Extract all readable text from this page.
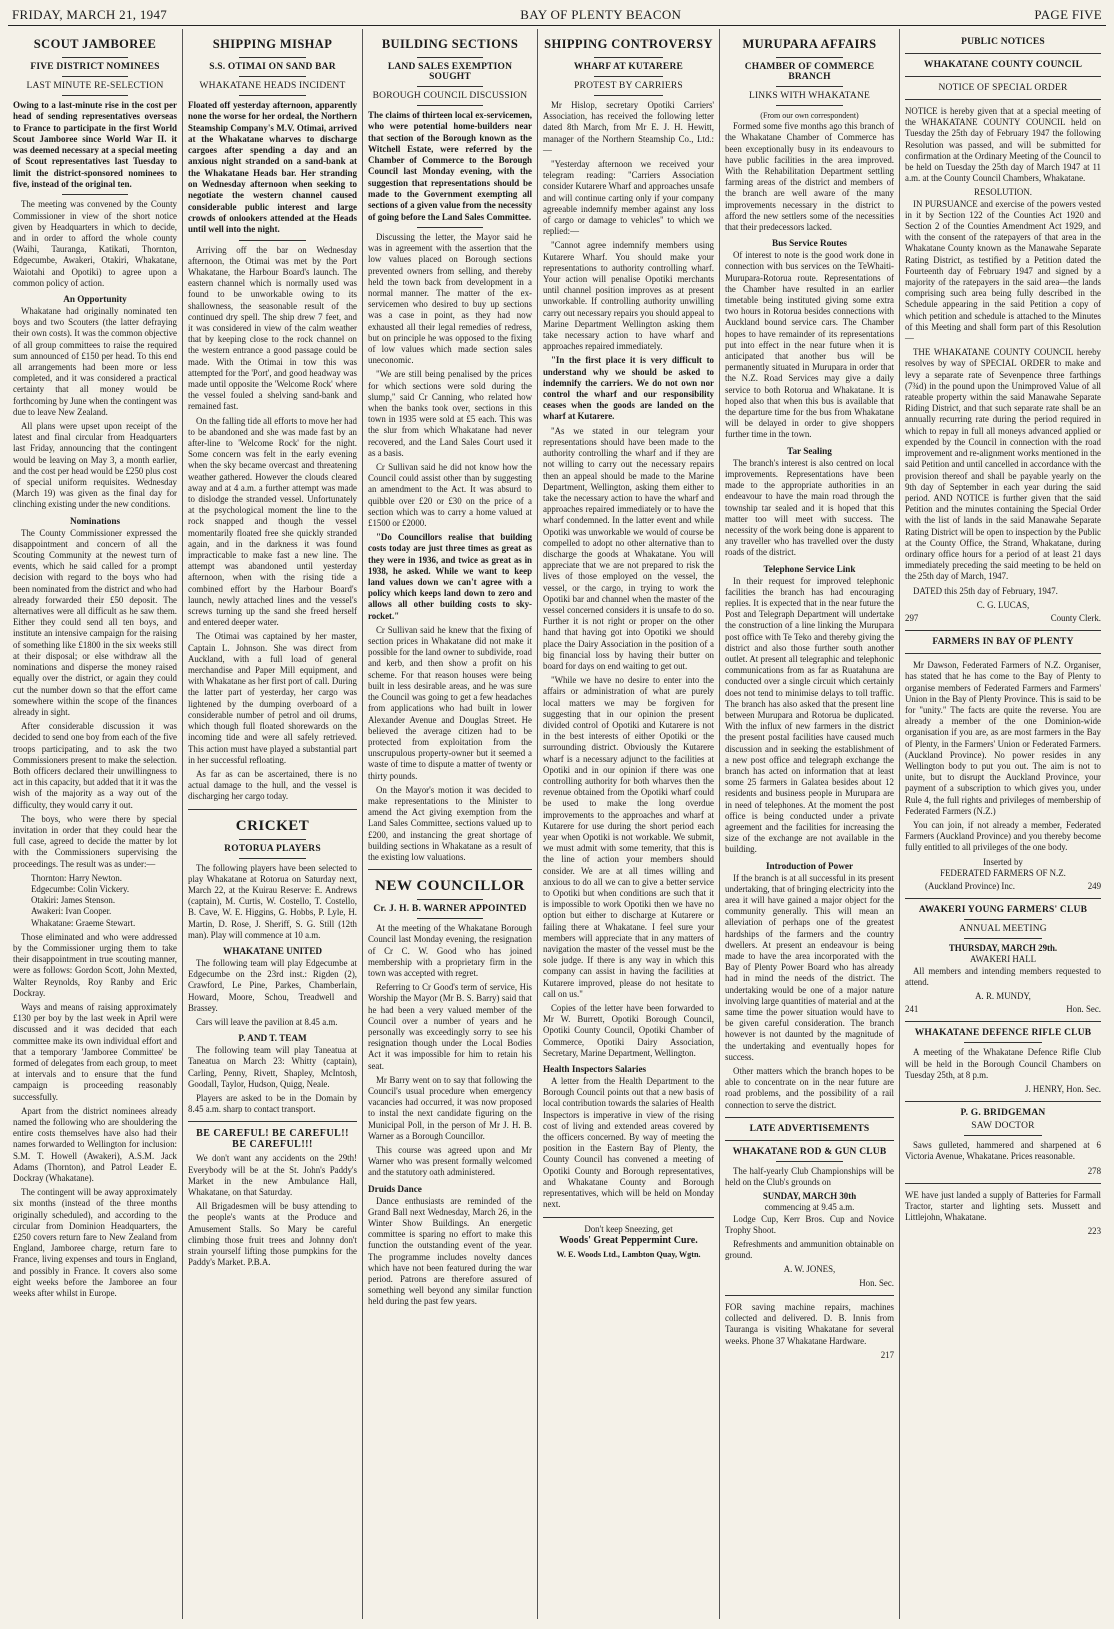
FRIDAY, MARCH 21, 1947	BAY OF PLENTY BEACON	PAGE FIVE
SCOUT JAMBOREE
FIVE DISTRICT NOMINEES
LAST MINUTE RE-SELECTION

Owing to a last-minute rise in the cost per head of sending representatives overseas to France to participate in the first World Scout Jamboree since World War II. it was deemed necessary at a special meeting of Scout representatives last Tuesday to limit the district-sponsored nominees to five, instead of the original ten.

The meeting was convened by the County Commissioner in view of the short notice given by Headquarters in which to decide, and in order to afford the whole county (Waihi, Tauranga, Katikati, Thornton, Edgecumbe, Awakeri, Otakiri, Whakatane, Waiotahi and Opotiki) to agree upon a common policy of action.

An Opportunity

Whakatane had originally nominated ten boys and two Scouters (the latter defraying their own costs). It was the common objective of all group committees to raise the required sum announced of £150 per head. To this end all arrangements had been more or less completed, and it was considered a practical certainty that all money would be forthcoming by June when the contingent was due to leave New Zealand.

All plans were upset upon receipt of the latest and final circular from Headquarters last Friday, announcing that the contingent would be leaving on May 3, a month earlier, and the cost per head would be £250 plus cost of special uniform requisites. Wednesday (March 19) was given as the final day for clinching existing under the new conditions.

Nominations

The County Commissioner expressed the disappointment and concern of all the Scouting Community at the newest turn of events, which he said called for a prompt decision with regard to the boys who had been nominated from the district and who had already forwarded their £50 deposit. The alternatives were all difficult as he saw them. Either they could send all ten boys, and institute an intensive campaign for the raising of something like £1800 in the six weeks still at their disposal; or else withdraw all the nominations and disperse the money raised equally over the district, or again they could cut the number down so that the effort came somewhere within the scope of the finances already in sight.

After considerable discussion it was decided to send one boy from each of the five troops participating, and to ask the two Commissioners present to make the selection. Both officers declared their unwillingness to act in this capacity, but added that it it was the wish of the majority as a way out of the difficulty, they would carry it out.

The boys, who were there by special invitation in order that they could hear the full case, agreed to decide the matter by lot with the Commissioners supervising the proceedings. The result was as under:—

Thornton: Harry Newton.

Edgecumbe: Colin Vickery.

Otakiri: James Stenson.

Awakeri: Ivan Cooper.

Whakatane: Graeme Stewart.

Those eliminated and who were addressed by the Commissioner urging them to take their disappointment in true scouting manner, were as follows: Gordon Scott, John Mexted, Walter Reynolds, Roy Ranby and Eric Dockray.

Ways and means of raising approximately £130 per boy by the last week in April were discussed and it was decided that each committee make its own individual effort and that a temporary 'Jamboree Committee' be formed of delegates from each group, to meet at intervals and to ensure that the fund campaign is proceeding reasonably successfully.

Apart from the district nominees already named the following who are shouldering the entire costs themselves have also had their names forwarded to Wellington for inclusion: S.M. T. Howell (Awakeri), A.S.M. Jack Adams (Thornton), and Patrol Leader E. Dockray (Whakatane).

The contingent will be away approximately six months (instead of the three months originally scheduled), and according to the circular from Dominion Headquarters, the £250 covers return fare to New Zealand from England, Jamboree charge, return fare to France, living expenses and tours in England, and possibly in France. It covers also some eight weeks before the Jamboree an four weeks after whilst in Europe.

SHIPPING MISHAP
S.S. OTIMAI ON SAND BAR
WHAKATANE HEADS INCIDENT

Floated off yesterday afternoon, apparently none the worse for her ordeal, the Northern Steamship Company's M.V. Otimai, arrived at the Whakatane wharves to discharge cargoes after spending a day and an anxious night stranded on a sand-bank at the Whakatane Heads bar. Her stranding on Wednesday afternoon when seeking to negotiate the western channel caused considerable public interest and large crowds of onlookers attended at the Heads until well into the night.

Arriving off the bar on Wednesday afternoon, the Otimai was met by the Port Whakatane, the Harbour Board's launch. The eastern channel which is normally used was found to be unworkable owing to its shallowness, the seasonable result of the continued dry spell. The ship drew 7 feet, and it was considered in view of the calm weather that by keeping close to the rock channel on the western entrance a good passage could be made. With the Otimai in tow this was attempted for the 'Port', and good headway was made until opposite the 'Welcome Rock' where the vessel fouled a shelving sand-bank and remained fast.

On the falling tide all efforts to move her had to be abandoned and she was made fast by an after-line to 'Welcome Rock' for the night. Some concern was felt in the early evening when the sky became overcast and threatening weather gathered. However the clouds cleared away and at 4 a.m. a further attempt was made to dislodge the stranded vessel. Unfortunately at the psychological moment the line to the rock snapped and though the vessel momentarily floated free she quickly stranded again, and in the darkness it was found impracticable to make fast a new line. The attempt was abandoned until yesterday afternoon, when with the rising tide a combined effort by the Harbour Board's launch, newly attached lines and the vessel's screws turning up the sand she freed herself and entered deeper water.

The Otimai was captained by her master, Captain L. Johnson. She was direct from Auckland, with a full load of general merchandise and Paper Mill equipment, and with Whakatane as her first port of call. During the latter part of yesterday, her cargo was lightened by the dumping overboard of a considerable number of petrol and oil drums, which though full floated shorewards on the incoming tide and were all safely retrieved. This action must have played a substantial part in her successful refloating.

As far as can be ascertained, there is no actual damage to the hull, and the vessel is discharging her cargo today.

CRICKET
ROTORUA PLAYERS

The following players have been selected to play Whakatane at Rotorua on Saturday next, March 22, at the Kuirau Reserve: E. Andrews (captain), M. Curtis, W. Costello, T. Costello, B. Cave, W. E. Higgins, G. Hobbs, P. Lyle, H. Martin, D. Rose, J. Sheriff, S. G. Still (12th man). Play will commence at 10 a.m.

WHAKATANE UNITED

The following team will play Edgecumbe at Edgecumbe on the 23rd inst.: Rigden (2), Crawford, Le Pine, Parkes, Chamberlain, Howard, Moore, Schou, Treadwell and Brassey.

Cars will leave the pavilion at 8.45 a.m.

P. AND T. TEAM

The following team will play Taneatua at Taneatua on March 23: Whitty (captain), Carling, Penny, Rivett, Shapley, McIntosh, Goodall, Taylor, Hudson, Quigg, Neale.

Players are asked to be in the Domain by 8.45 a.m. sharp to contact transport.

BE CAREFUL! BE CAREFUL!! BE CAREFUL!!!

We don't want any accidents on the 29th! Everybody will be at the St. John's Paddy's Market in the new Ambulance Hall, Whakatane, on that Saturday.

All Brigadesmen will be busy attending to the people's wants at the Produce and Amusement Stalls. So Mary be careful climbing those fruit trees and Johnny don't strain yourself lifting those pumpkins for the Paddy's Market. P.B.A.

BUILDING SECTIONS
LAND SALES EXEMPTION SOUGHT
BOROUGH COUNCIL DISCUSSION

The claims of thirteen local ex-servicemen, who were potential home-builders near that section of the Borough known as the Witchell Estate, were referred by the Chamber of Commerce to the Borough Council last Monday evening, with the suggestion that representations should be made to the Government exempting all sections of a given value from the necessity of going before the Land Sales Committee.

Discussing the letter, the Mayor said he was in agreement with the assertion that the low values placed on Borough sections prevented owners from selling, and thereby held the town back from development in a normal manner. The matter of the ex-servicemen who desired to buy up sections was a case in point, as they had now exhausted all their legal remedies of redress, but on principle he was opposed to the fixing of low values which made section sales uneconomic.

"We are still being penalised by the prices for which sections were sold during the slump," said Cr Canning, who related how when the banks took over, sections in this town in 1935 were sold at £5 each. This was the slur from which Whakatane had never recovered, and the Land Sales Court used it as a basis.

Cr Sullivan said he did not know how the Council could assist other than by suggesting an amendment to the Act. It was absurd to quibble over £20 or £30 on the price of a section which was to carry a home valued at £1500 or £2000.

"Do Councillors realise that building costs today are just three times as great as they were in 1936, and twice as great as in 1938, he asked. While we want to keep land values down we can't agree with a policy which keeps land down to zero and allows all other building costs to sky-rocket."

Cr Sullivan said he knew that the fixing of section prices in Whakatane did not make it possible for the land owner to subdivide, road and kerb, and then show a profit on his scheme. For that reason houses were being built in less desirable areas, and he was sure the Council was going to get a few headaches from applications who had built in lower Alexander Avenue and Douglas Street. He believed the average citizen had to be protected from exploitation from the unscrupulous property-owner but it seemed a waste of time to dispute a matter of twenty or thirty pounds.

On the Mayor's motion it was decided to make representations to the Minister to amend the Act giving exemption from the Land Sales Committee, sections valued up to £200, and instancing the great shortage of building sections in Whakatane as a result of the existing low valuations.

NEW COUNCILLOR
Cr. J. H. B. WARNER APPOINTED

At the meeting of the Whakatane Borough Council last Monday evening, the resignation of Cr C. W. Good who has joined membership with a proprietary firm in the town was accepted with regret.

Referring to Cr Good's term of service, His Worship the Mayor (Mr B. S. Barry) said that he had been a very valued member of the Council over a number of years and he personally was exceedingly sorry to see his resignation though under the Local Bodies Act it was impossible for him to retain his seat.

Mr Barry went on to say that following the Council's usual procedure when emergency vacancies had occurred, it was now proposed to instal the next candidate figuring on the Municipal Poll, in the person of Mr J. H. B. Warner as a Borough Councillor.

This course was agreed upon and Mr Warner who was present formally welcomed and the statutory oath administered.

Druids Dance

Dance enthusiasts are reminded of the Grand Ball next Wednesday, March 26, in the Winter Show Buildings. An energetic committee is sparing no effort to make this function the outstanding event of the year. The programme includes novelty dances which have not been featured during the war period. Patrons are therefore assured of something well beyond any similar function held during the past few years.

SHIPPING CONTROVERSY
WHARF AT KUTARERE
PROTEST BY CARRIERS

Mr Hislop, secretary Opotiki Carriers' Association, has received the following letter dated 8th March, from Mr E. J. H. Hewitt, manager of the Northern Steamship Co., Ltd.:—

"Yesterday afternoon we received your telegram reading: "Carriers Association consider Kutarere Wharf and approaches unsafe and will continue carting only if your company agreeable indemnify member against any loss of cargo or damage to vehicles" to which we replied:—

"Cannot agree indemnify members using Kutarere Wharf. You should make your representations to authority controlling wharf. Your action will penalise Opotiki merchants until channel position improves as at present unworkable. If controlling authority unwilling carry out necessary repairs you should appeal to Marine Department Wellington asking them take necessary action to have wharf and approaches repaired immediately.

"In the first place it is very difficult to understand why we should be asked to indemnify the carriers. We do not own nor control the wharf and our responsibility ceases when the goods are landed on the wharf at Kutarere.

"As we stated in our telegram your representations should have been made to the authority controlling the wharf and if they are not willing to carry out the necessary repairs then an appeal should be made to the Marine Department, Wellington, asking them either to take the necessary action to have the wharf and approaches repaired immediately or to have the wharf condemned. In the latter event and while Opotiki was unworkable we would of course be compelled to adopt no other alternative than to discharge the goods at Whakatane. You will appreciate that we are not prepared to risk the lives of those employed on the vessel, the vessel, or the cargo, in trying to work the Opotiki bar and channel when the master of the vessel concerned considers it is unsafe to do so. Further it is not right or proper on the other hand that having got into Opotiki we should place the Dairy Association in the position of a big financial loss by having their butter on board for days on end waiting to get out.

"While we have no desire to enter into the affairs or administration of what are purely local matters we may be forgiven for suggesting that in our opinion the present divided control of Opotiki and Kutarere is not in the best interests of either Opotiki or the surrounding district. Obviously the Kutarere wharf is a necessary adjunct to the facilities at Opotiki and in our opinion if there was one controlling authority for both wharves then the revenue obtained from the Opotiki wharf could be used to make the long overdue improvements to the approaches and wharf at Kutarere for use during the short period each year when Opotiki is not workable. We submit, we must admit with some temerity, that this is the line of action your members should consider. We are at all times willing and anxious to do all we can to give a better service to Opotiki but when conditions are such that it is impossible to work Opotiki then we have no option but either to discharge at Kutarere or failing there at Whakatane. I feel sure your members will appreciate that in any matters of navigation the master of the vessel must be the sole judge. If there is any way in which this company can assist in having the facilities at Kutarere improved, please do not hesitate to call on us."

Copies of the letter have been forwarded to Mr W. Burrett, Opotiki Borough Council, Opotiki County Council, Opotiki Chamber of Commerce, Opotiki Dairy Association, Secretary, Marine Department, Wellington.

Health Inspectors Salaries

A letter from the Health Department to the Borough Council points out that a new basis of local contribution towards the salaries of Health Inspectors is imperative in view of the rising cost of living and extended areas covered by the officers concerned. By way of meeting the position in the Eastern Bay of Plenty, the County Council has convened a meeting of Opotiki County and Borough representatives, and Whakatane County and Borough representatives, which will be held on Monday next.

Don't keep Sneezing, get
Woods' Great Peppermint Cure.
W. E. Woods Ltd., Lambton Quay, Wgtn.
MURUPARA AFFAIRS
CHAMBER OF COMMERCE BRANCH
LINKS WITH WHAKATANE
(From our own correspondent)

Formed some five months ago this branch of the Whakatane Chamber of Commerce has been exceptionally busy in its endeavours to have public facilities in the area improved. With the Rehabilitation Department settling farming areas of the district and members of the branch are well aware of the many improvements necessary in the district to afford the new settlers some of the necessities that their predecessors lacked.

Bus Service Routes

Of interest to note is the good work done in connection with bus services on the TeWhaiti-Murupara-Rotorua route. Representations of the Chamber have resulted in an earlier timetable being instituted giving some extra two hours in Rotorua besides connections with Auckland bound service cars. The Chamber hopes to have remainder of its representations put into effect in the near future when it is anticipated that another bus will be permanently situated in Murupara in order that the N.Z. Road Services may give a daily service to both Rotorua and Whakatane. It is hoped also that when this bus is available that the departure time for the bus from Whakatane will be delayed in order to give shoppers further time in the town.

Tar Sealing

The branch's interest is also centred on local improvements. Representations have been made to the appropriate authorities in an endeavour to have the main road through the township tar sealed and it is hoped that this matter too will meet with success. The necessity of the work being done is apparent to any traveller who has travelled over the dusty roads of the district.

Telephone Service Link

In their request for improved telephonic facilities the branch has had encouraging replies. It is expected that in the near future the Post and Telegraph Department will undertake the construction of a line linking the Murupara post office with Te Teko and thereby giving the district and also those further south another outlet. At present all telegraphic and telephonic communications from as far as Ruatahuna are conducted over a single circuit which certainly does not tend to minimise delays to toll traffic. The branch has also asked that the present line between Murupara and Rotorua be duplicated. With the influx of new farmers in the district the present postal facilities have caused much discussion and in seeking the establishment of a new post office and telegraph exchange the branch has acted on information that at least some 25 farmers in Galatea besides about 12 residents and business people in Murupara are in need of telephones. At the moment the post office is being conducted under a private agreement and the facilities for increasing the size of the exchange are not available in the building.

Introduction of Power

If the branch is at all successful in its present undertaking, that of bringing electricity into the area it will have gained a major object for the community generally. This will mean an alleviation of perhaps one of the greatest hardships of the farmers and the country dwellers. At present an endeavour is being made to have the area incorporated with the Bay of Plenty Power Board who has already had in mind the needs of the district. The undertaking would be one of a major nature involving large quantities of material and at the same time the power situation would have to be given careful consideration. The branch however is not daunted by the magnitude of the undertaking and eventually hopes for success.

Other matters which the branch hopes to be able to concentrate on in the near future are road problems, and the possibility of a rail connection to serve the district.

LATE ADVERTISEMENTS
WHAKATANE ROD & GUN CLUB

The half-yearly Club Championships will be held on the Club's grounds on

SUNDAY, MARCH 30th
commencing at 9.45 a.m.

Lodge Cup, Kerr Bros. Cup and Novice Trophy Shoot.

Refreshments and ammunition obtainable on ground.

A. W. JONES,
Hon. Sec.

FOR saving machine repairs, machines collected and delivered. D. B. Innis from Tauranga is visiting Whakatane for several weeks. Phone 37 Whakatane Hardware.

217
PUBLIC NOTICES
WHAKATANE COUNTY COUNCIL
NOTICE OF SPECIAL ORDER

NOTICE is hereby given that at a special meeting of the WHAKATANE COUNTY COUNCIL held on Tuesday the 25th day of February 1947 the following Resolution was passed, and will be submitted for confirmation at the Ordinary Meeting of the Council to be held on Tuesday the 25th day of March 1947 at 11 a.m. at the County Council Chambers, Whakatane.

RESOLUTION.

IN PURSUANCE and exercise of the powers vested in it by Section 122 of the Counties Act 1920 and Section 2 of the Counties Amendment Act 1929, and with the consent of the ratepayers of that area in the Whakatane County known as the Manawahe Separate Rating District, as testified by a Petition dated the Fourteenth day of February 1947 and signed by a majority of the ratepayers in the said area—the lands comprising such area being fully described in the Schedule appearing in the said Petition a copy of which petition and schedule is attached to the Minutes of this Meeting and shall form part of this Resolution—

THE WHAKATANE COUNTY COUNCIL hereby resolves by way of SPECIAL ORDER to make and levy a separate rate of Sevenpence three farthings (7¾d) in the pound upon the Unimproved Value of all rateable property within the said Manawahe Separate Riding District, and that such separate rate shall be an annually recurring rate during the period required in which to repay in full all moneys advanced applied or expended by the Council in connection with the road improvement and re-alignment works mentioned in the said Petition and until cancelled in accordance with the provision thereof and shall be payable yearly on the 9th day of September in each year during the said period. AND NOTICE is further given that the said Petition and the minutes containing the Special Order with the list of lands in the said Manawahe Separate Rating District will be open to inspection by the Public at the County Office, the Strand, Whakatane, during ordinary office hours for a period of at least 21 days immediately preceding the said meeting to be held on the 25th day of March, 1947.

DATED this 25th day of February, 1947.

C. G. LUCAS,
297	County Clerk.
FARMERS IN BAY OF PLENTY

Mr Dawson, Federated Farmers of N.Z. Organiser, has stated that he has come to the Bay of Plenty to organise members of Federated Farmers and Farmers' Union in the Bay of Plenty Province. This is said to be for "unity." The facts are quite the reverse. You are already a member of the one Dominion-wide organisation if you are, as are most farmers in the Bay of Plenty, in the Farmers' Union or Federated Farmers. (Auckland Province). No power resides in any Wellington body to put you out. The aim is not to unite, but to disrupt the Auckland Province, your payment of a subscription to which gives you, under Rule 4, the full rights and privileges of membership of Federated Farmers (N.Z.)

You can join, if not already a member, Federated Farmers (Auckland Province) and you thereby become fully entitled to all privileges of the one body.

Inserted by
FEDERATED FARMERS OF N.Z.
(Auckland Province) Inc.	249
AWAKERI YOUNG FARMERS' CLUB
ANNUAL MEETING
THURSDAY, MARCH 29th.
AWAKERI HALL

All members and intending members requested to attend.

A. R. MUNDY,
241	Hon. Sec.
WHAKATANE DEFENCE RIFLE CLUB

A meeting of the Whakatane Defence Rifle Club will be held in the Borough Council Chambers on Tuesday 25th, at 8 p.m.

J. HENRY, Hon. Sec.
P. G. BRIDGEMAN
SAW DOCTOR

Saws gulleted, hammered and sharpened at 6 Victoria Avenue, Whakatane. Prices reasonable.

278

WE have just landed a supply of Batteries for Farmall Tractor, starter and lighting sets. Mussett and Littlejohn, Whakatane.

223
